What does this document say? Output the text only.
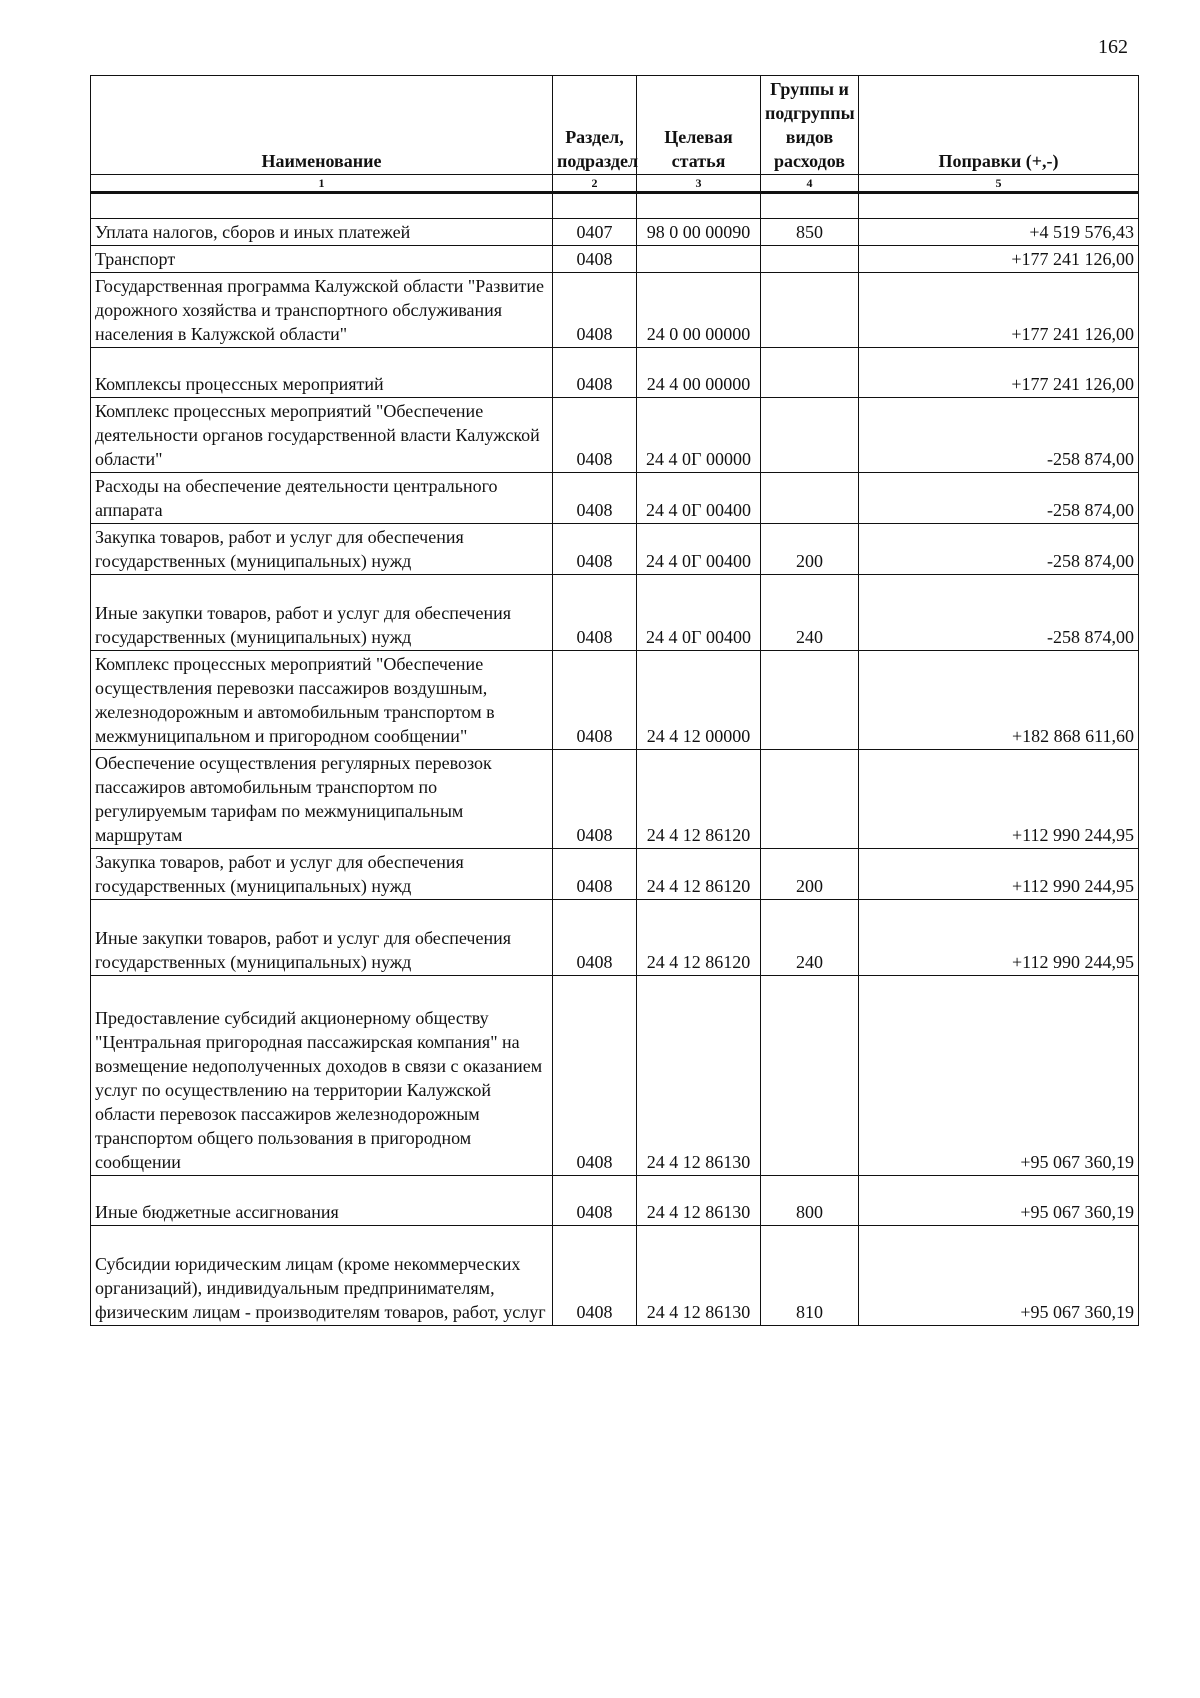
162
Наименование	Раздел, подраздел	Целевая статья	Группы и подгруппы видов расходов	Поправки (+,-)
1	2	3	4	5

Уплата налогов, сборов и иных платежей	0407	98 0 00 00090	850	+4 519 576,43
Транспорт	0408			+177 241 126,00
Государственная программа Калужской области "Развитие дорожного хозяйства и транспортного обслуживания населения в Калужской области"	0408	24 0 00 00000		+177 241 126,00
Комплексы процессных мероприятий	0408	24 4 00 00000		+177 241 126,00
Комплекс процессных мероприятий "Обеспечение деятельности органов государственной власти Калужской области"	0408	24 4 0Г 00000		-258 874,00
Расходы на обеспечение деятельности центрального аппарата	0408	24 4 0Г 00400		-258 874,00
Закупка товаров, работ и услуг для обеспечения государственных (муниципальных) нужд	0408	24 4 0Г 00400	200	-258 874,00
Иные закупки товаров, работ и услуг для обеспечения государственных (муниципальных) нужд	0408	24 4 0Г 00400	240	-258 874,00
Комплекс процессных мероприятий "Обеспечение осуществления перевозки пассажиров воздушным, железнодорожным и автомобильным транспортом в межмуниципальном и пригородном сообщении"	0408	24 4 12 00000		+182 868 611,60
Обеспечение осуществления регулярных перевозок пассажиров автомобильным транспортом по регулируемым тарифам по межмуниципальным маршрутам	0408	24 4 12 86120		+112 990 244,95
Закупка товаров, работ и услуг для обеспечения государственных (муниципальных) нужд	0408	24 4 12 86120	200	+112 990 244,95
Иные закупки товаров, работ и услуг для обеспечения государственных (муниципальных) нужд	0408	24 4 12 86120	240	+112 990 244,95
Предоставление субсидий акционерному обществу "Центральная пригородная пассажирская компания" на возмещение недополученных доходов в связи с оказанием услуг по осуществлению на территории Калужской области перевозок пассажиров железнодорожным транспортом общего пользования в пригородном сообщении	0408	24 4 12 86130		+95 067 360,19
Иные бюджетные ассигнования	0408	24 4 12 86130	800	+95 067 360,19
Субсидии юридическим лицам (кроме некоммерческих организаций), индивидуальным предпринимателям, физическим лицам - производителям товаров, работ, услуг	0408	24 4 12 86130	810	+95 067 360,19
